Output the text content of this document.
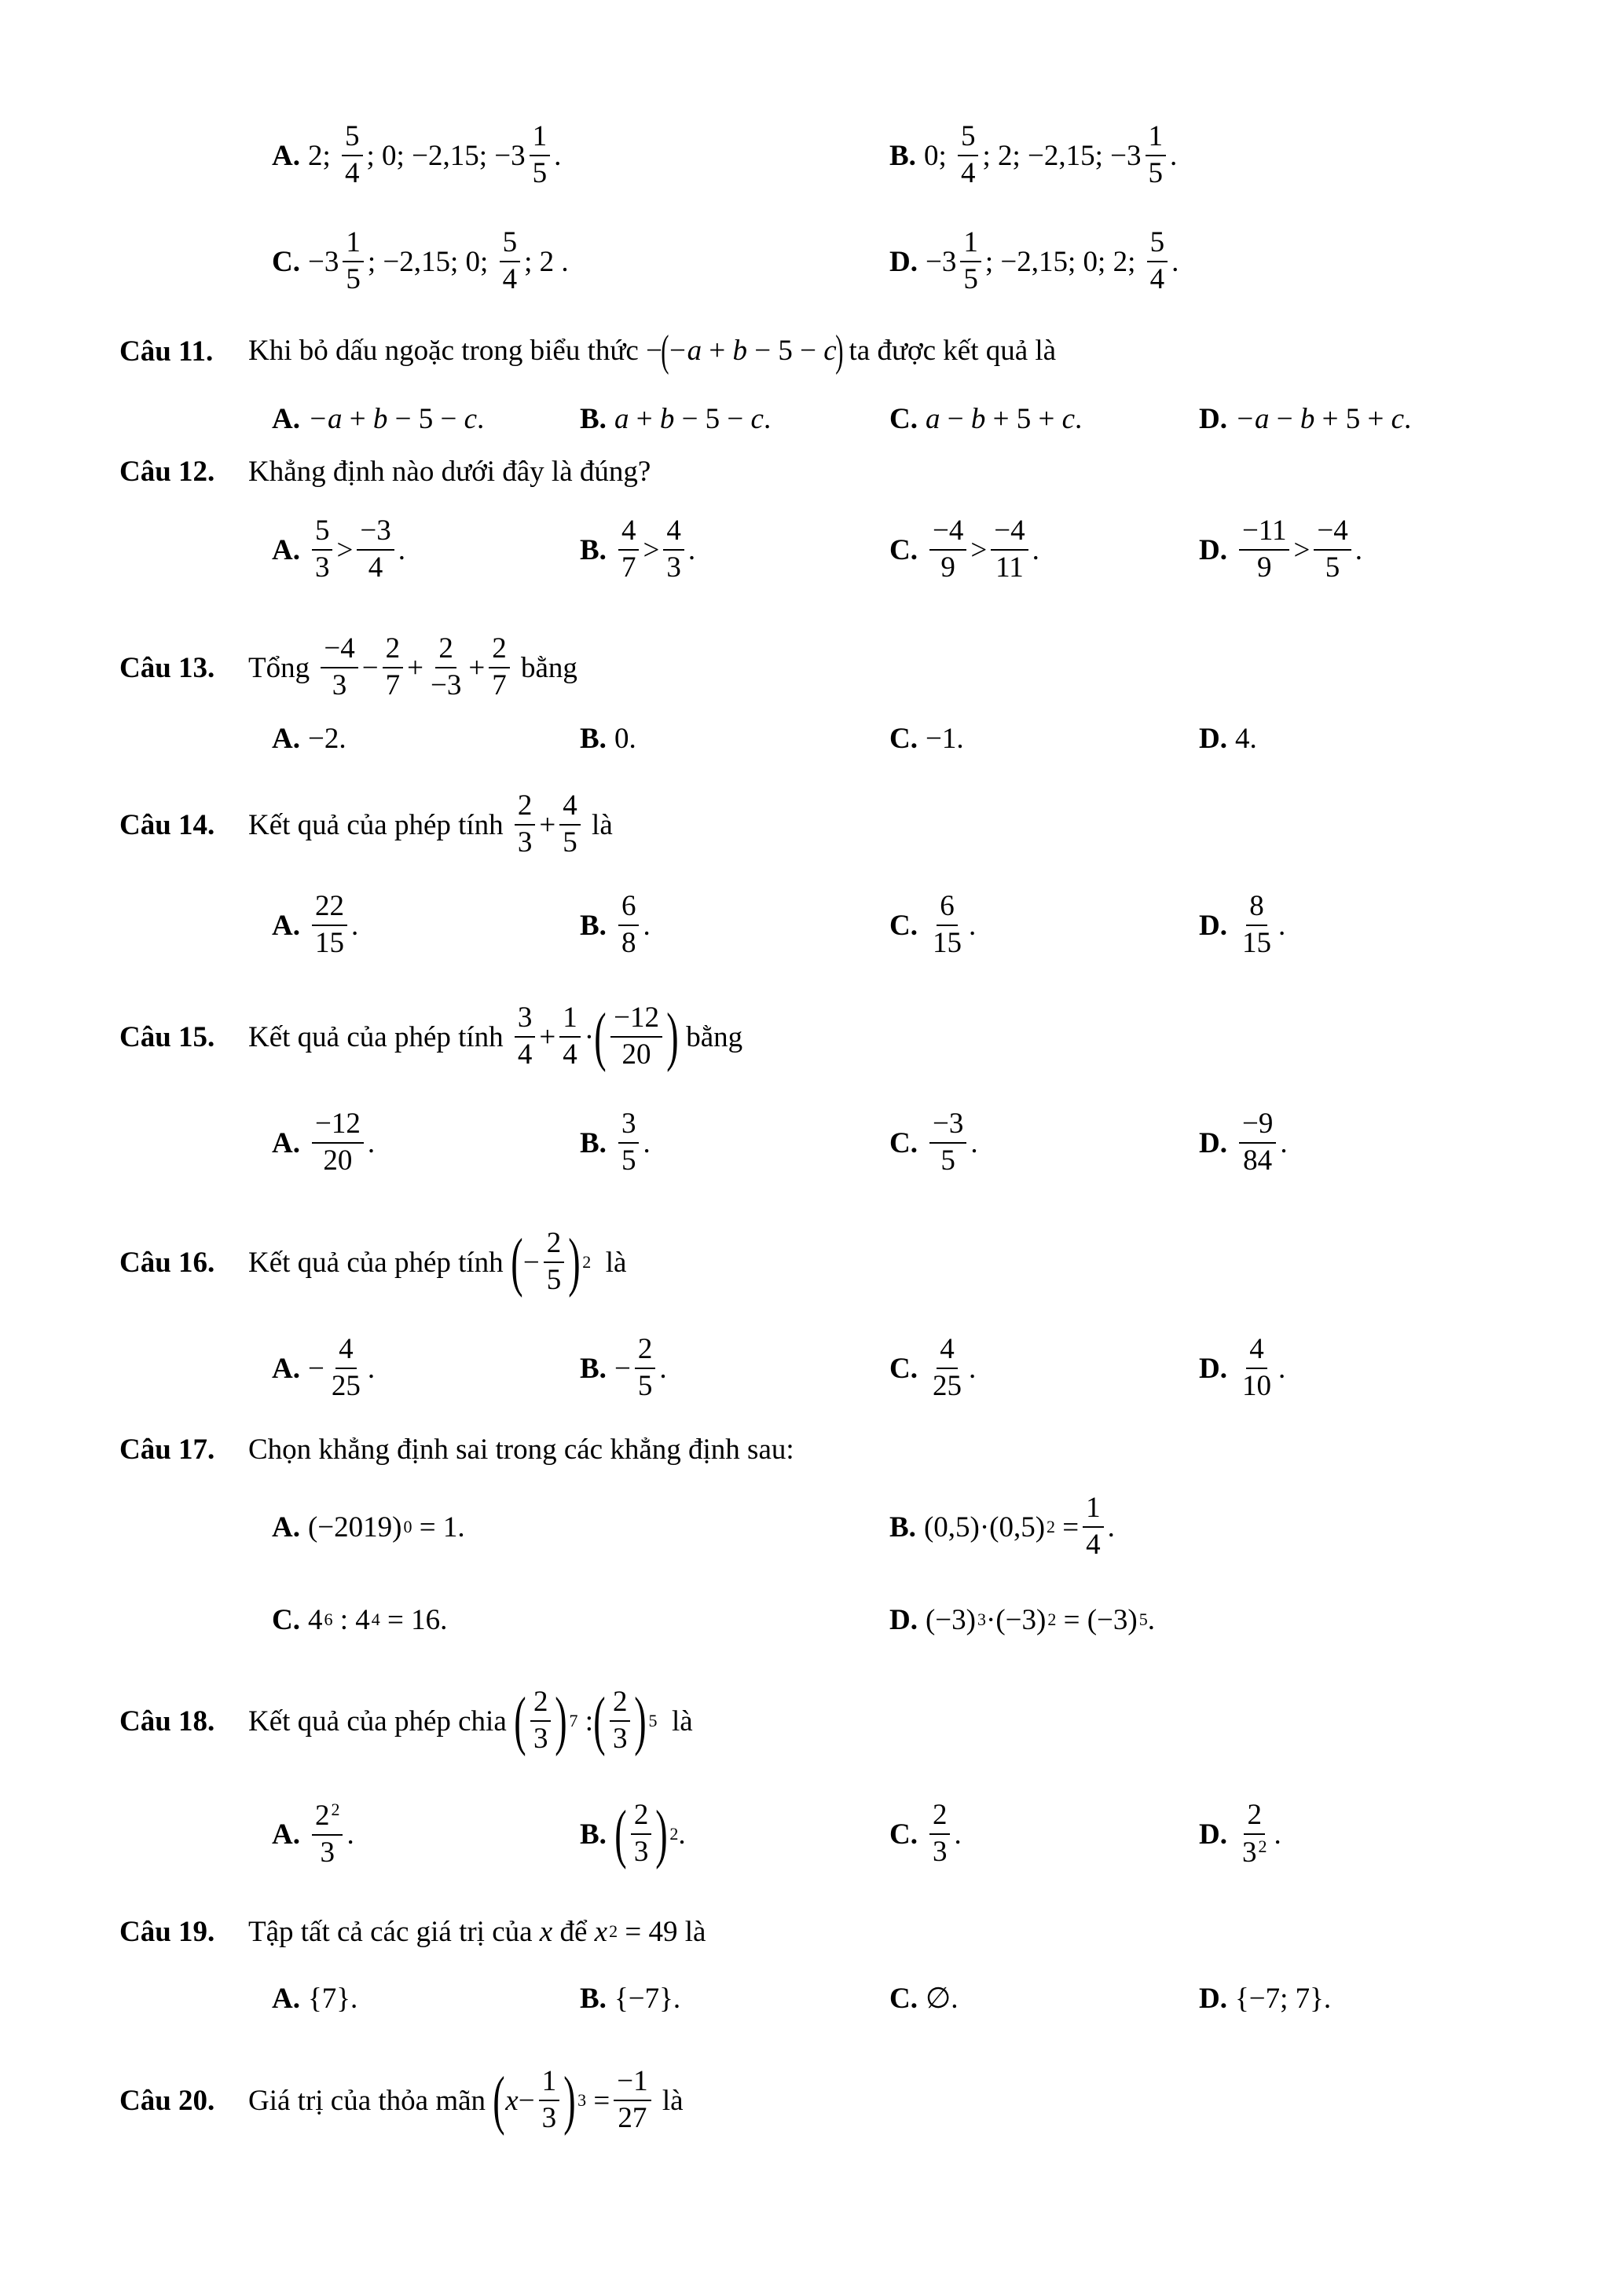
A. 2; $\frac{5}{4}$ ; 0; −2,15; $-3 \frac{1}{5}$ .	B. 0; $\frac{5}{4}$ ; 2; −2,15; $-3 \frac{1}{5}$ .
C. $-3 \frac{1}{5}$ ; −2,15; 0; $\frac{5}{4}$ ; 2 .	D. $-3 \frac{1}{5}$ ; −2,15; 0; 2; $\frac{5}{4}$ .
Câu 11.	Khi bỏ dấu ngoặc trong biểu thức
−
(
−a + b − 5 − c
)
ta được kết quả là
A. −a + b − 5 − c .	B. a + b − 5 − c .	C. a − b + 5 + c .	D. −a − b + 5 + c .
Câu 12.	Khẳng định nào dưới đây là đúng?
A. $\frac{5}{3} > \frac{-3}{4}$ .	B. $\frac{4}{7} > \frac{4}{3}$ .	C. $\frac{-4}{9} > \frac{-4}{11}$ .	D. $\frac{-11}{9} > \frac{-4}{5}$ .
Câu 13.	Tổng
$\frac{-4}{3} - \frac{2}{7} + \frac{2}{-3} + \frac{2}{7}$
bằng
A. −2.	B. 0.	C. −1.	D. 4.
Câu 14.	Kết quả của phép tính
$\frac{2}{3} + \frac{4}{5}$
là
A. $\frac{22}{15}$ .	B. $\frac{6}{8}$ .	C. $\frac{6}{15}$ .	D. $\frac{8}{15}$ .
Câu 15.	Kết quả của phép tính
$\frac{3}{4} + \frac{1}{4}$ · ( $\frac{-12}{20}$ )
bằng
A. $\frac{-12}{20}$ .	B. $\frac{3}{5}$ .	C. $\frac{-3}{5}$ .	D. $\frac{-9}{84}$ .
Câu 16.	Kết quả của phép tính
( − $\frac{2}{5}$ ) 2
là
A. − $\frac{4}{25}$ .	B. − $\frac{2}{5}$ .	C. $\frac{4}{25}$ .	D. $\frac{4}{10}$ .
Câu 17.	Chọn khẳng định sai trong các khẳng định sau:
A. (−2019) 0 = 1.	B. (0,5)·(0,5) $2 = \frac{1}{4}$ .
C. 4 6 : 4 4 = 16.	D. (−3) 3 ·(−3) 2 = (−3) 5 .
Câu 18.	Kết quả của phép chia
( $\frac{2}{3}$ ) 7 : ( $\frac{2}{3}$ ) 5
là
A. $\frac{2^2}{3}$ .	B. ( $\frac{2}{3}$ ) 2 .	C. $\frac{2}{3}$ .	D. $\frac{2}{3^2}$ .
Câu 19.	Tập tất cả các giá trị của
x
để
x 2 = 49 là
A. {7}.	B. {−7}.	C. ∅.	D. {−7; 7}.
Câu 20.	Giá trị của thỏa mãn
( $x - \frac{1}{3}$ ) $3 = \frac{-1}{27}$
là
